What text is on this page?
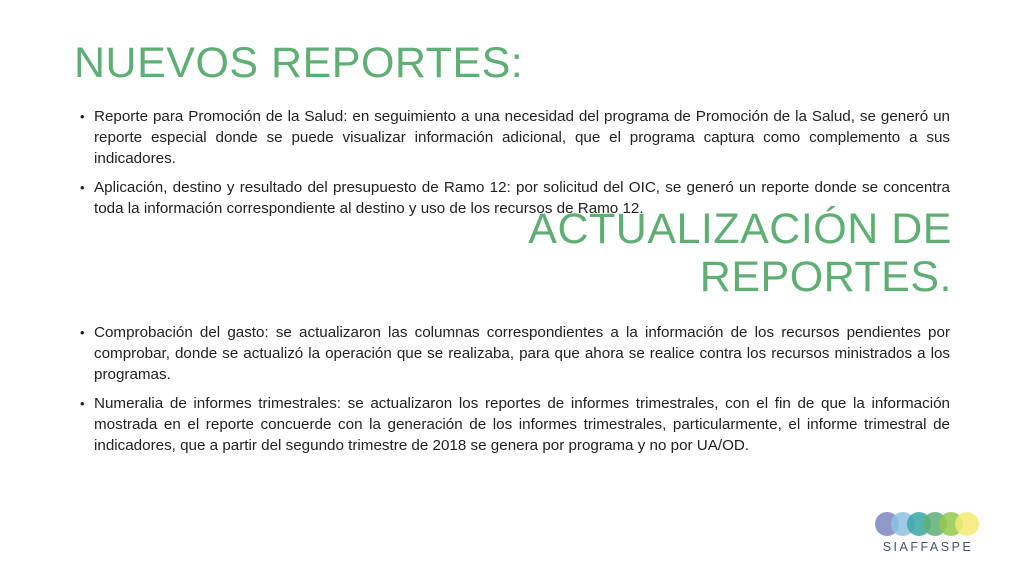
NUEVOS REPORTES:
• Reporte para Promoción de la Salud: en seguimiento a una necesidad del programa de Promoción de la Salud, se generó un reporte especial donde se puede visualizar información adicional, que el programa captura como complemento a sus indicadores.
• Aplicación, destino y resultado del presupuesto de Ramo 12: por solicitud del OIC, se generó un reporte donde se concentra toda la información correspondiente al destino y uso de los recursos de Ramo 12.
ACTUALIZACIÓN DE
REPORTES.
• Comprobación del gasto: se actualizaron las columnas correspondientes a la información de los recursos pendientes por comprobar, donde se actualizó la operación que se realizaba, para que ahora se realice contra los recursos ministrados a los programas.
• Numeralia de informes trimestrales: se actualizaron los reportes de informes trimestrales, con el fin de que la información mostrada en el reporte concuerde con la generación de los informes trimestrales, particularmente, el informe trimestral de indicadores, que a partir del segundo trimestre de 2018 se genera por programa y no por UA/OD.
SIAFFASPE
